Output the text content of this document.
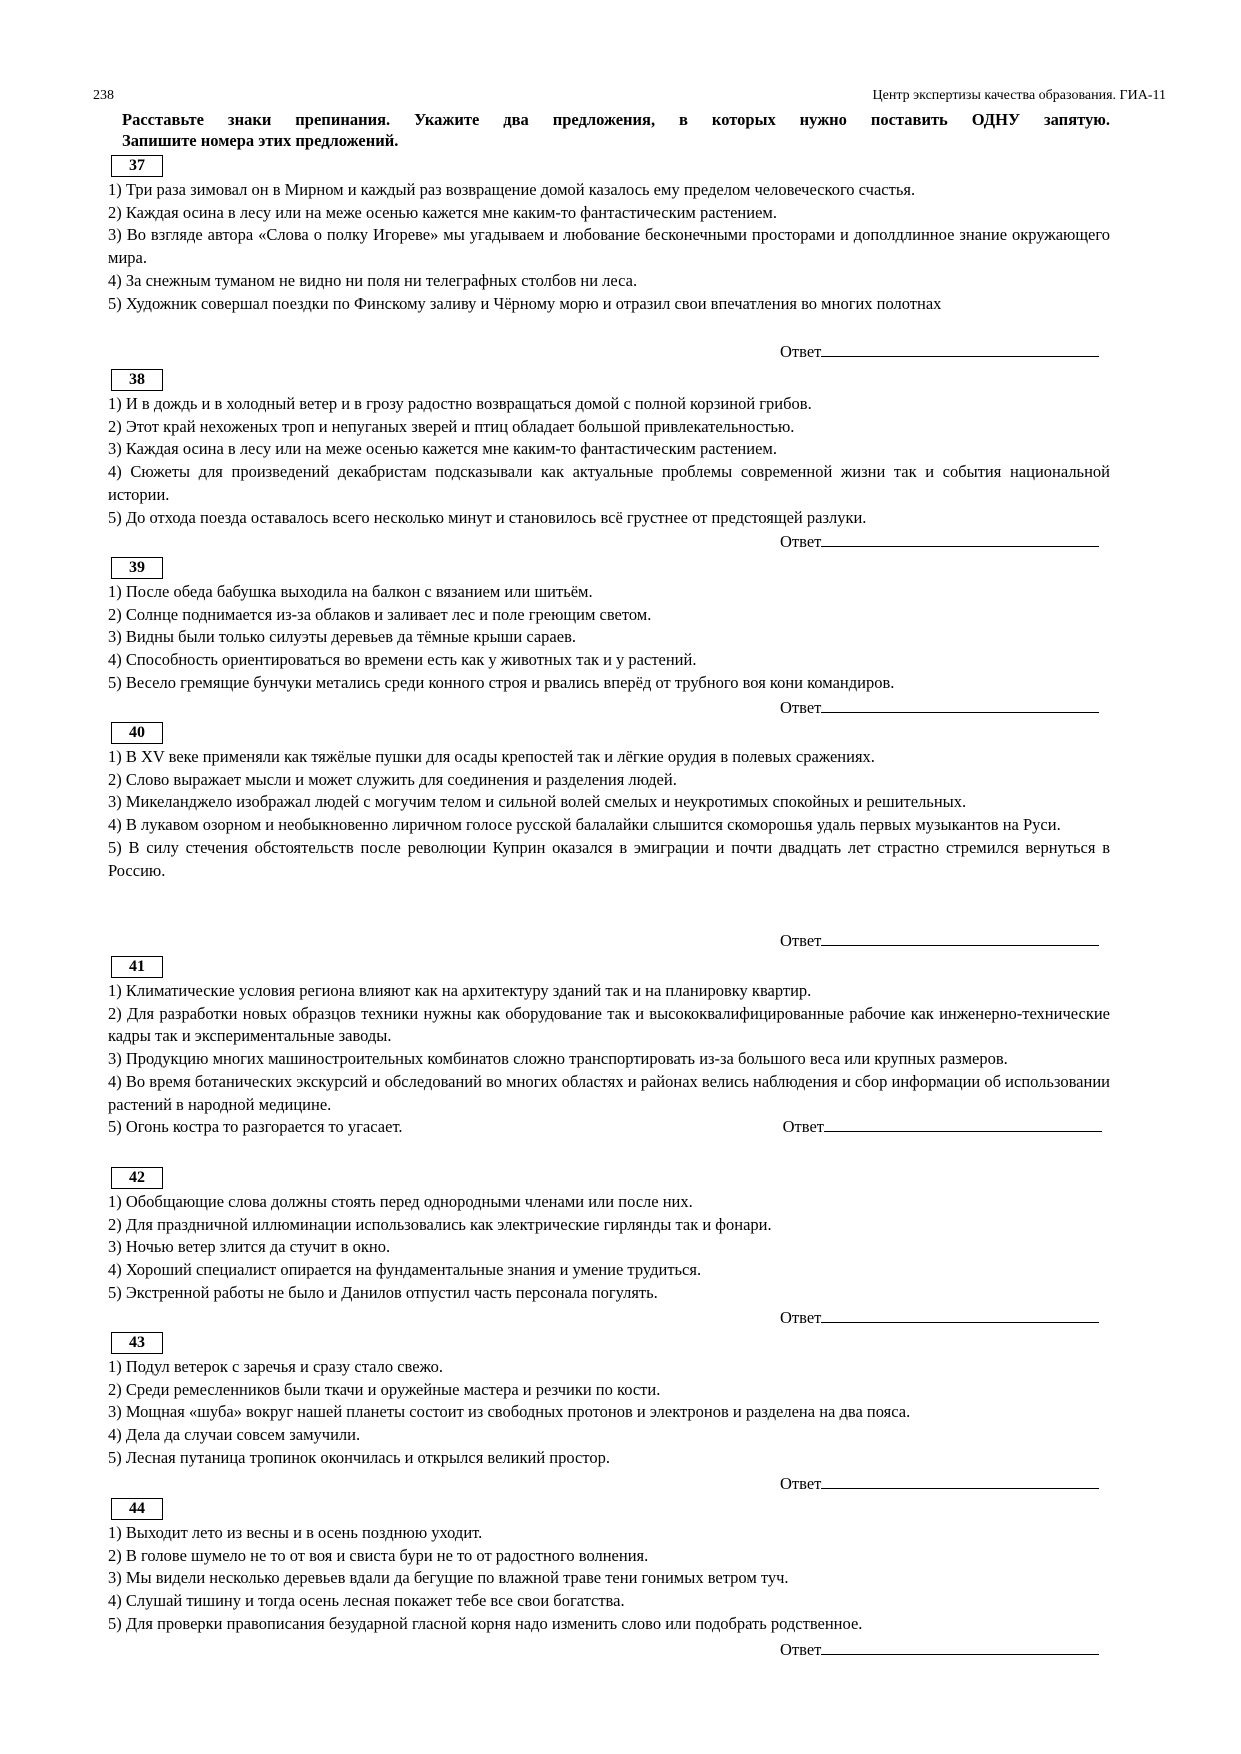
238	Центр экспертизы качества образования. ГИА-11

Расставьте знаки препинания. Укажите два предложения, в которых нужно поставить ОДНУ запятую.

Запишите номера этих предложений.

37

1) Три раза зимовал он в Мирном и каждый раз возвращение домой казалось ему пределом человеческого счастья.

2) Каждая осина в лесу или на меже осенью кажется мне каким-то фантастическим растением.

3) Во взгляде автора «Слова о полку Игореве» мы угадываем и любование бесконечными просторами и дополдлинное знание окружающего мира.

4) За снежным туманом не видно ни поля ни телеграфных столбов ни леса.

5) Художник совершал поездки по Финскому заливу и Чёрному морю и отразил свои впечатления во многих полотнах

Ответ
38

1) И в дождь и в холодный ветер и в грозу радостно возвращаться домой с полной корзиной грибов.

2) Этот край нехоженых троп и непуганых зверей и птиц обладает большой привлекательностью.

3) Каждая осина в лесу или на меже осенью кажется мне каким-то фантастическим растением.

4) Сюжеты для произведений декабристам подсказывали как актуальные проблемы современной жизни так и события национальной истории.

5) До отхода поезда оставалось всего несколько минут и становилось всё грустнее от предстоящей разлуки.

Ответ
39

1) После обеда бабушка выходила на балкон с вязанием или шитьём.

2) Солнце поднимается из-за облаков и заливает лес и поле греющим светом.

3) Видны были только силуэты деревьев да тёмные крыши сараев.

4) Способность ориентироваться во времени есть как у животных так и у растений.

5) Весело гремящие бунчуки метались среди конного строя и рвались вперёд от трубного воя кони командиров.

Ответ
40

1) В XV веке применяли как тяжёлые пушки для осады крепостей так и лёгкие орудия в полевых сражениях.

2) Слово выражает мысли и может служить для соединения и разделения людей.

3) Микеланджело изображал людей с могучим телом и сильной волей смелых и неукротимых спокойных и решительных.

4) В лукавом озорном и необыкновенно лиричном голосе русской балалайки слышится скоморошья удаль первых музыкантов на Руси.

5) В силу стечения обстоятельств после революции Куприн оказался в эмиграции и почти двадцать лет страстно стремился вернуться в Россию.

Ответ
41

1) Климатические условия региона влияют как на архитектуру зданий так и на планировку квартир.

2) Для разработки новых образцов техники нужны как оборудование так и высококвалифицированные рабочие как инженерно-технические кадры так и экспериментальные заводы.

3) Продукцию многих машиностроительных комбинатов сложно транспортировать из-за большого веса или крупных размеров.

4) Во время ботанических экскурсий и обследований во многих областях и районах велись наблюдения и сбор информации об использовании растений в народной медицине.

5) Огонь костра то разгорается то угасает.	Ответ
42

1) Обобщающие слова должны стоять перед однородными членами или после них.

2) Для праздничной иллюминации использовались как электрические гирлянды так и фонари.

3) Ночью ветер злится да стучит в окно.

4) Хороший специалист опирается на фундаментальные знания и умение трудиться.

5) Экстренной работы не было и Данилов отпустил часть персонала погулять.

Ответ
43

1) Подул ветерок с заречья и сразу стало свежо.

2) Среди ремесленников были ткачи и оружейные мастера и резчики по кости.

3) Мощная «шуба» вокруг нашей планеты состоит из свободных протонов и электронов и разделена на два пояса.

4) Дела да случаи совсем замучили.

5) Лесная путаница тропинок окончилась и открылся великий простор.

Ответ
44

1) Выходит лето из весны и в осень позднюю уходит.

2) В голове шумело не то от воя и свиста бури не то от радостного волнения.

3) Мы видели несколько деревьев вдали да бегущие по влажной траве тени гонимых ветром туч.

4) Слушай тишину и тогда осень лесная покажет тебе все свои богатства.

5) Для проверки правописания безударной гласной корня надо изменить слово или подобрать родственное.

Ответ
